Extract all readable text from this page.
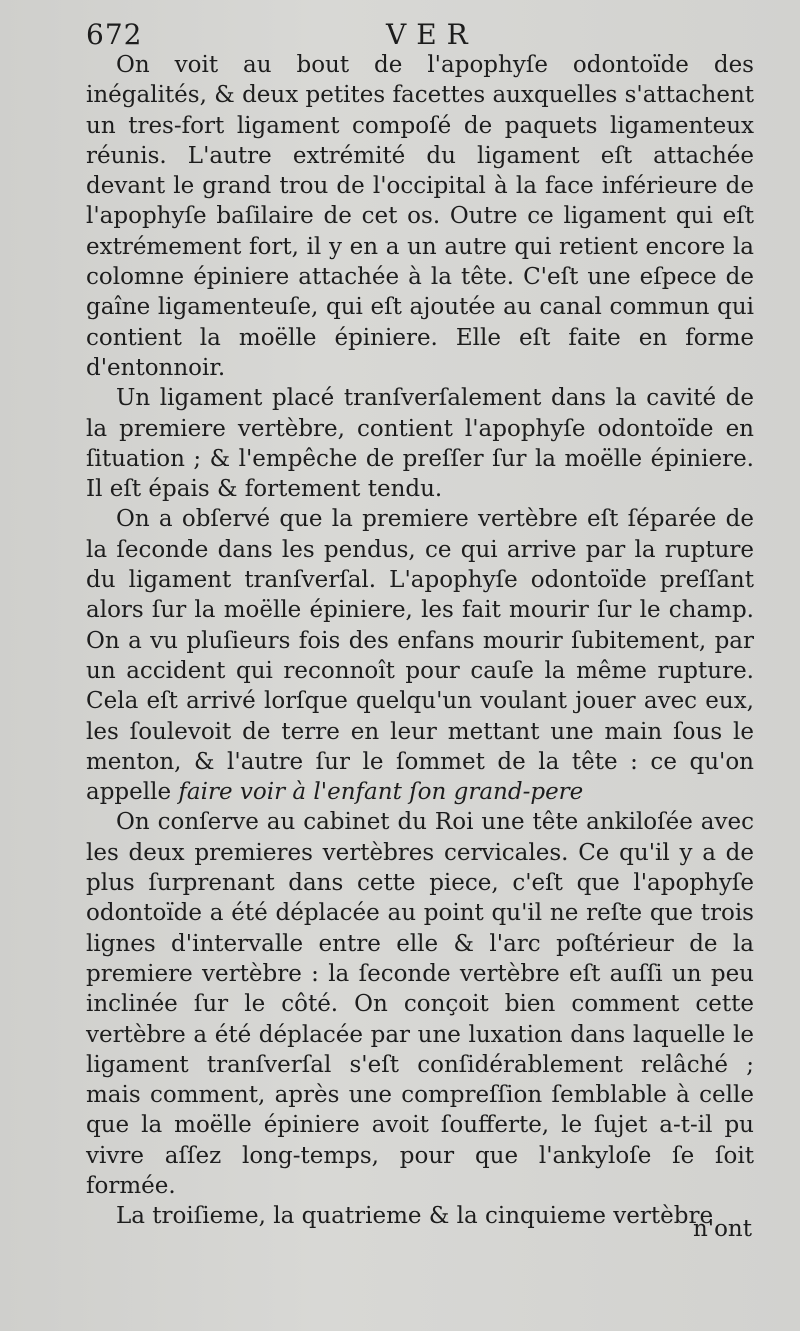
672	VER

On voit au bout de l'apophyſe odontoïde des inégalités, & deux petites facettes auxquelles s'attachent un tres-fort ligament compoſé de paquets ligamenteux réunis. L'autre extrémité du ligament eſt attachée devant le grand trou de l'occipital à la face inférieure de l'apophyſe baſilaire de cet os. Outre ce ligament qui eſt extrémement fort, il y en a un autre qui retient encore la colomne épiniere attachée à la tête. C'eſt une eſpece de gaîne ligamenteuſe, qui eſt ajoutée au canal commun qui contient la moëlle épiniere. Elle eſt faite en forme d'entonnoir.

Un ligament placé tranſverſalement dans la cavité de la premiere vertèbre, contient l'apophyſe odontoïde en ſituation ; & l'empêche de preſſer ſur la moëlle épiniere. Il eſt épais & fortement tendu.

On a obſervé que la premiere vertèbre eſt ſéparée de la ſeconde dans les pendus, ce qui arrive par la rupture du ligament tranſverſal. L'apophyſe odontoïde preſſant alors ſur la moëlle épiniere, les fait mourir ſur le champ. On a vu pluſieurs fois des enfans mourir ſubitement, par un accident qui reconnoît pour cauſe la même rupture. Cela eſt arrivé lorſque quelqu'un voulant jouer avec eux, les ſoulevoit de terre en leur mettant une main ſous le menton, & l'autre ſur le ſommet de la tête : ce qu'on appelle faire voir à l'enfant ſon grand-pere

On conſerve au cabinet du Roi une tête ankiloſée avec les deux premieres vertèbres cervicales. Ce qu'il y a de plus ſurprenant dans cette piece, c'eſt que l'apophyſe odontoïde a été déplacée au point qu'il ne reſte que trois lignes d'intervalle entre elle & l'arc poſtérieur de la premiere vertèbre : la ſeconde vertèbre eſt auſſi un peu inclinée ſur le côté. On conçoit bien comment cette vertèbre a été déplacée par une luxation dans laquelle le ligament tranſverſal s'eſt conſidérablement relâché ; mais comment, après une compreſſion ſemblable à celle que la moëlle épiniere avoit ſoufferte, le ſujet a-t-il pu vivre aſſez long-temps, pour que l'ankyloſe ſe ſoit formée.

La troiſieme, la quatrieme & la cinquieme vertèbre

n'ont
